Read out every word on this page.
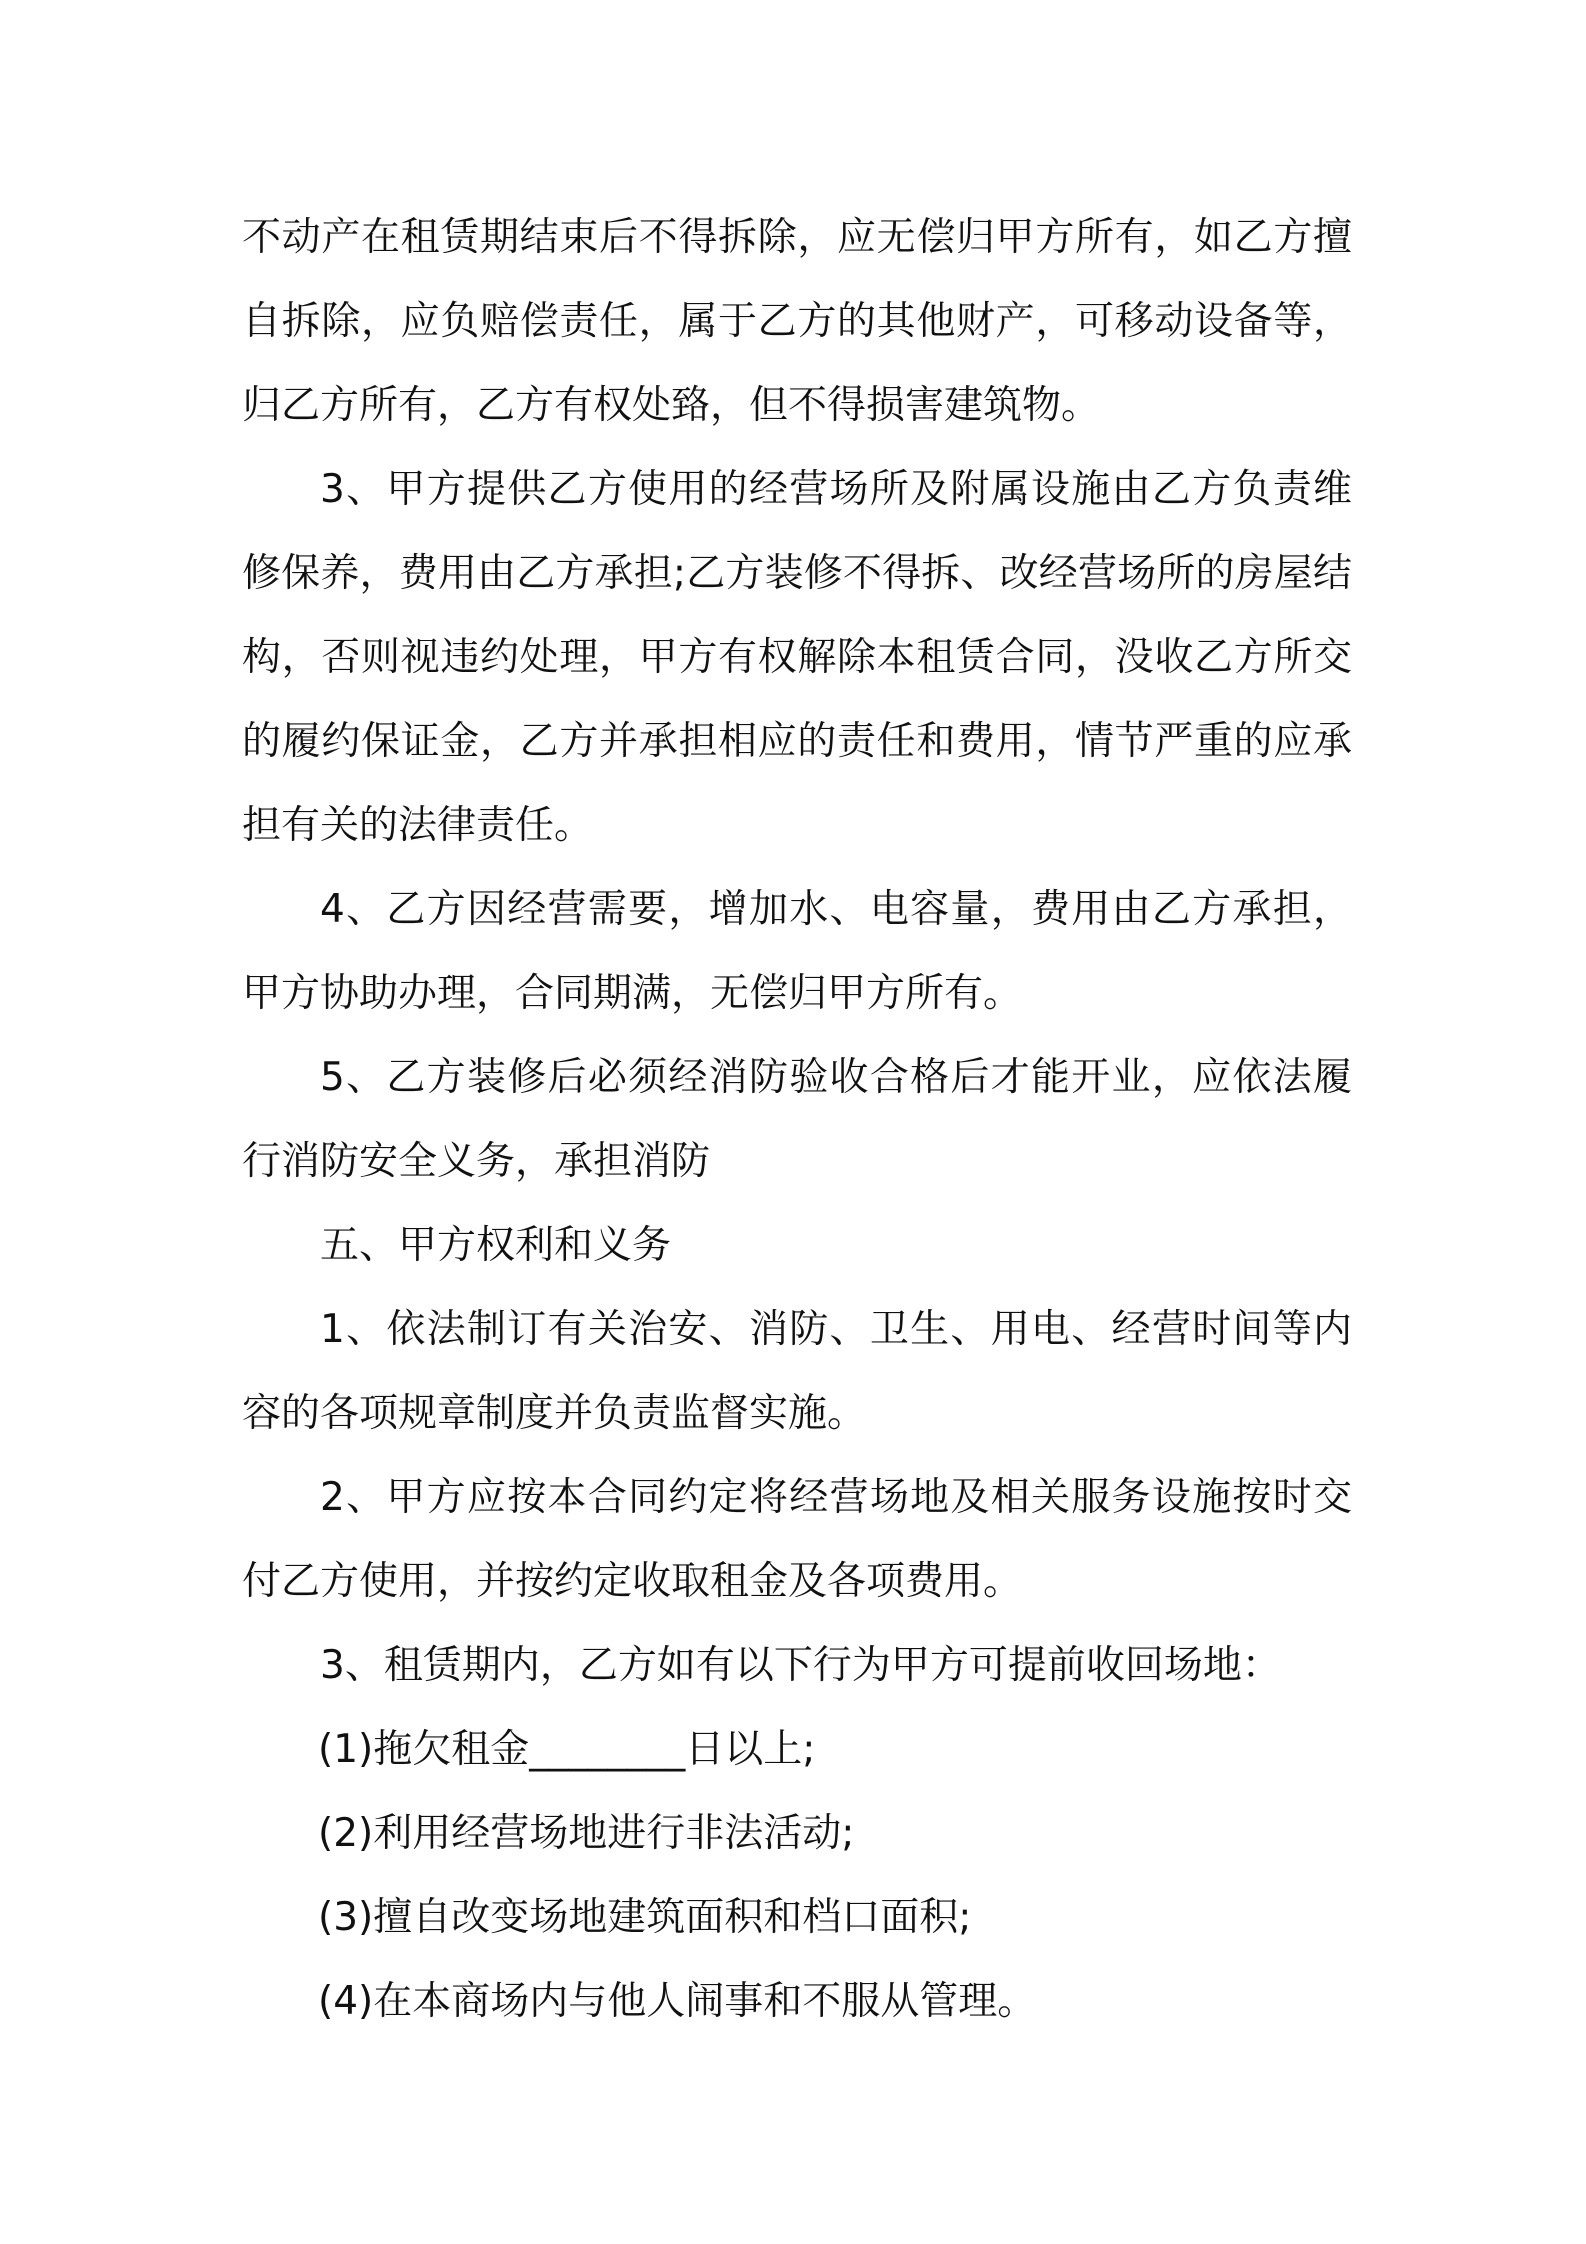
不动产在租赁期结束后不得拆除，应无偿归甲方所有，如乙方擅自拆除，应负赔偿责任，属于乙方的其他财产，可移动设备等，归乙方所有，乙方有权处臵，但不得损害建筑物。

3、甲方提供乙方使用的经营场所及附属设施由乙方负责维修保养，费用由乙方承担;乙方装修不得拆、改经营场所的房屋结构，否则视违约处理，甲方有权解除本租赁合同，没收乙方所交的履约保证金，乙方并承担相应的责任和费用，情节严重的应承担有关的法律责任。

4、乙方因经营需要，增加水、电容量，费用由乙方承担，甲方协助办理，合同期满，无偿归甲方所有。

5、乙方装修后必须经消防验收合格后才能开业，应依法履行消防安全义务，承担消防

五、甲方权利和义务

1、依法制订有关治安、消防、卫生、用电、经营时间等内容的各项规章制度并负责监督实施。

2、甲方应按本合同约定将经营场地及相关服务设施按时交付乙方使用，并按约定收取租金及各项费用。

3、租赁期内，乙方如有以下行为甲方可提前收回场地：

(1)拖欠租金________日以上;

(2)利用经营场地进行非法活动;

(3)擅自改变场地建筑面积和档口面积;

(4)在本商场内与他人闹事和不服从管理。
